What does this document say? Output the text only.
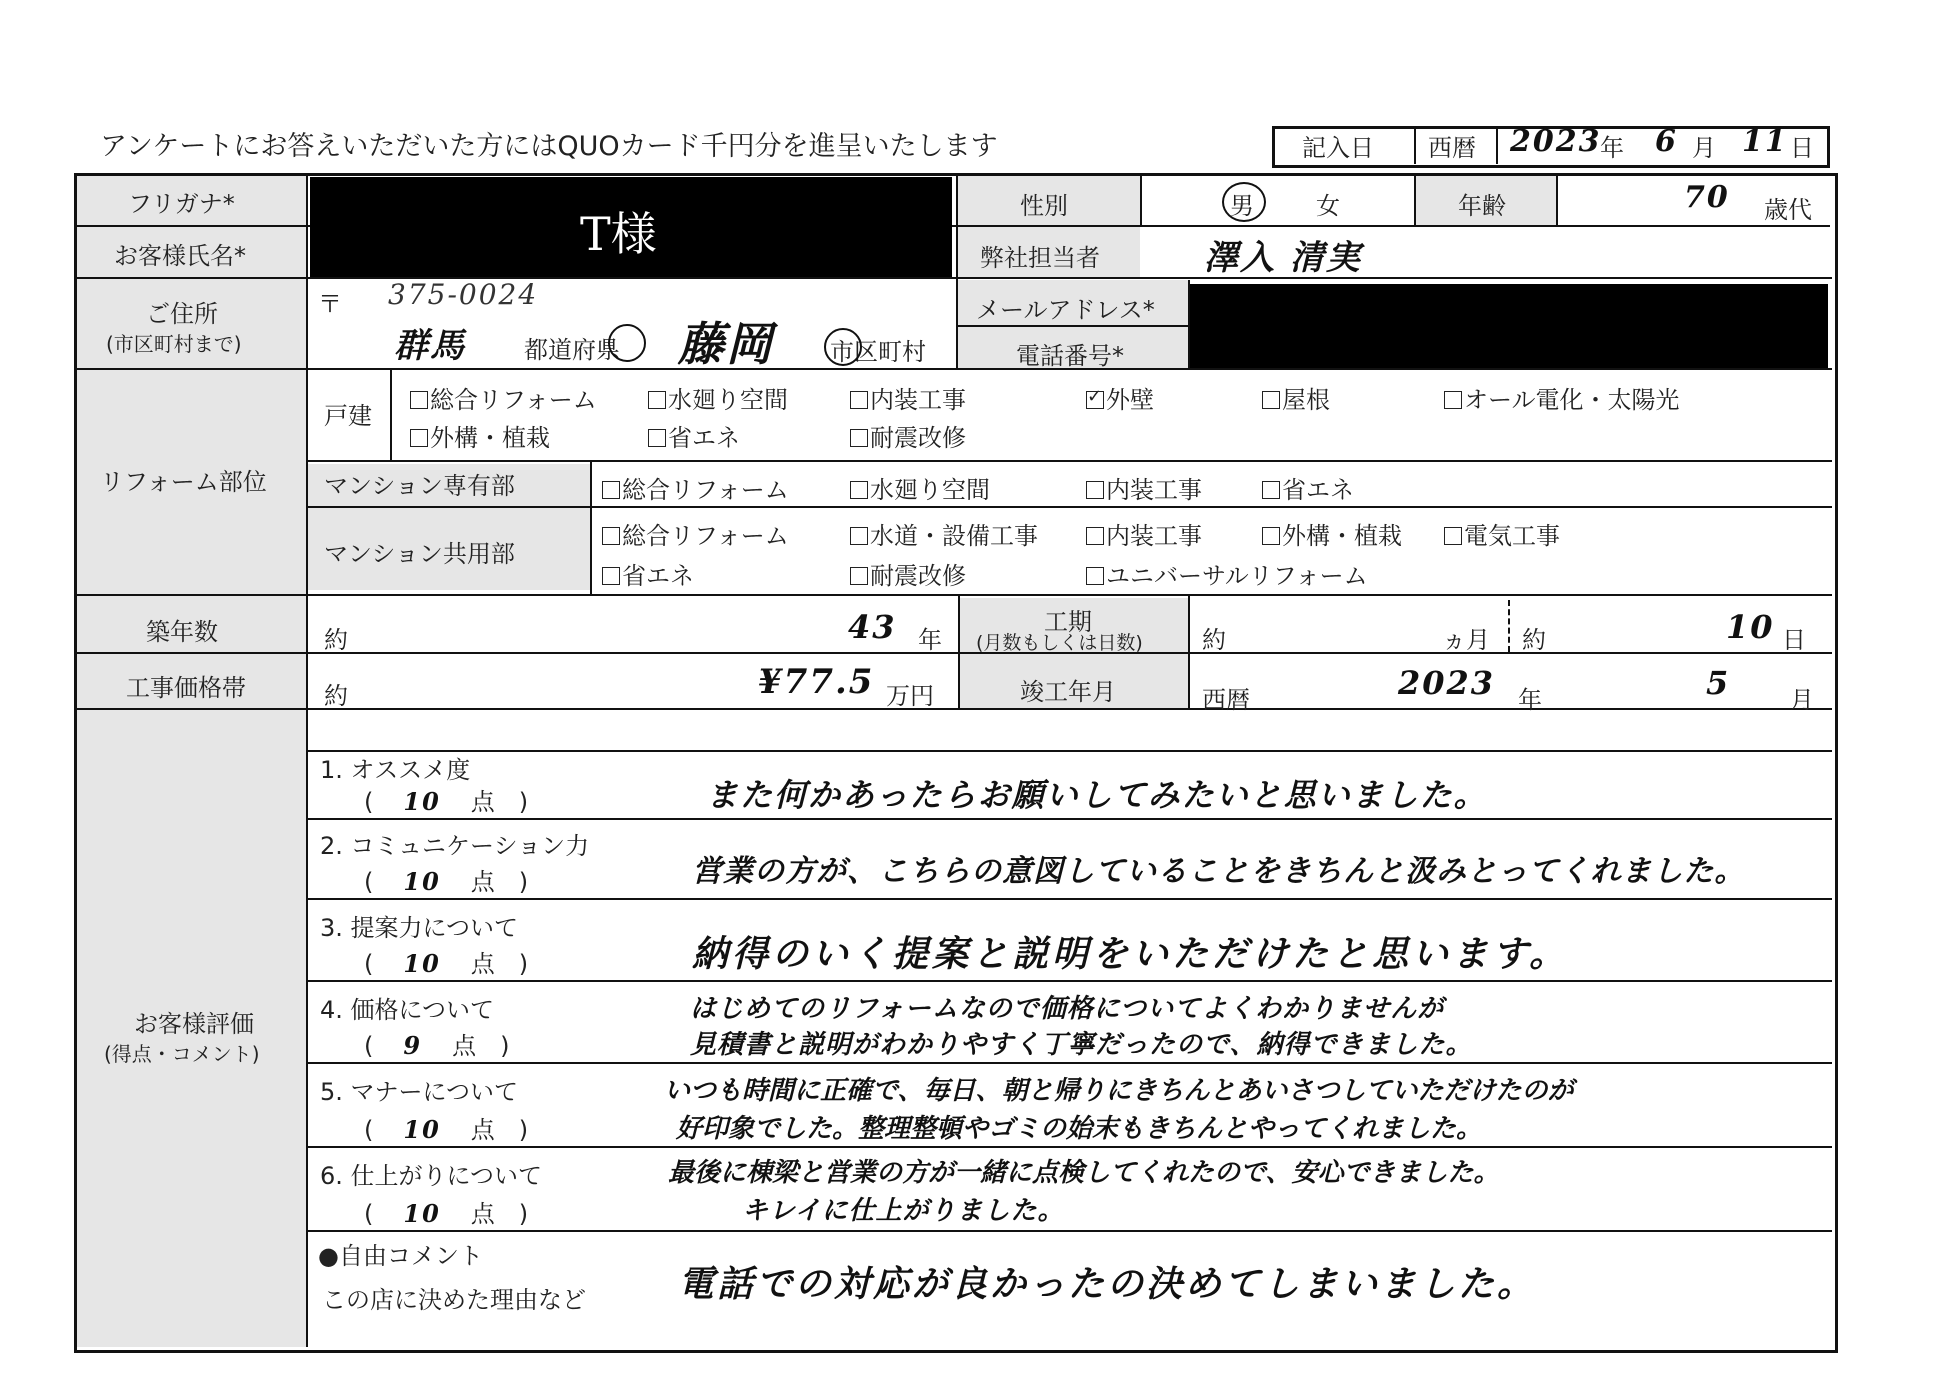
アンケートにお答えいただいた方にはQUOカード千円分を進呈いたします	記入日 西暦 2023
年 6 月 11 日
フリガナ*
お客様氏名*	T様
性別	男	女	年齢	70 歳代
弊社担当者	澤入 清実
ご住所
(市区町村まで)
〒 375-0024
群馬 都道府県 藤岡 市区町村
メールアドレス*
電話番号*
リフォーム部位
戸建
総合リフォーム	水廻り空間	内装工事
✓	外壁	屋根	オール電化・太陽光
外構・植栽	省エネ	耐震改修
マンション専有部	総合リフォーム	水廻り空間	内装工事	省エネ
マンション共用部
総合リフォーム	水道・設備工事	内装工事	外構・植栽	電気工事
省エネ	耐震改修	ユニバーサルリフォーム
築年数	約	43 年
工期
(月数もしくは日数) 約	ヵ月 約	10 日
工事価格帯	約	¥77.5 万円	竣工年月	西暦	2023 年	5 月
お客様評価
(得点・コメント)
1. オススメ度
( 10 点　)	また何かあったらお願いしてみたいと思いました。
2. コミュニケーション力
( 10 点　)	営業の方が、こちらの意図していることをきちんと汲みとってくれました。
3. 提案力について
( 10 点　)	納得のいく提案と説明をいただけたと思います。
4. 価格について
( 9 点　)
はじめてのリフォームなので価格についてよくわかりませんが
見積書と説明がわかりやすく丁寧だったので、納得できました。
5. マナーについて
( 10 点　)
いつも時間に正確で、毎日、朝と帰りにきちんとあいさつしていただけたのが
好印象でした。整理整頓やゴミの始末もきちんとやってくれました。
6. 仕上がりについて
( 10 点　)
最後に棟梁と営業の方が一緒に点検してくれたので、安心できました。
キレイに仕上がりました。
●自由コメント
この店に決めた理由など	電話での対応が良かったの決めてしまいました。
